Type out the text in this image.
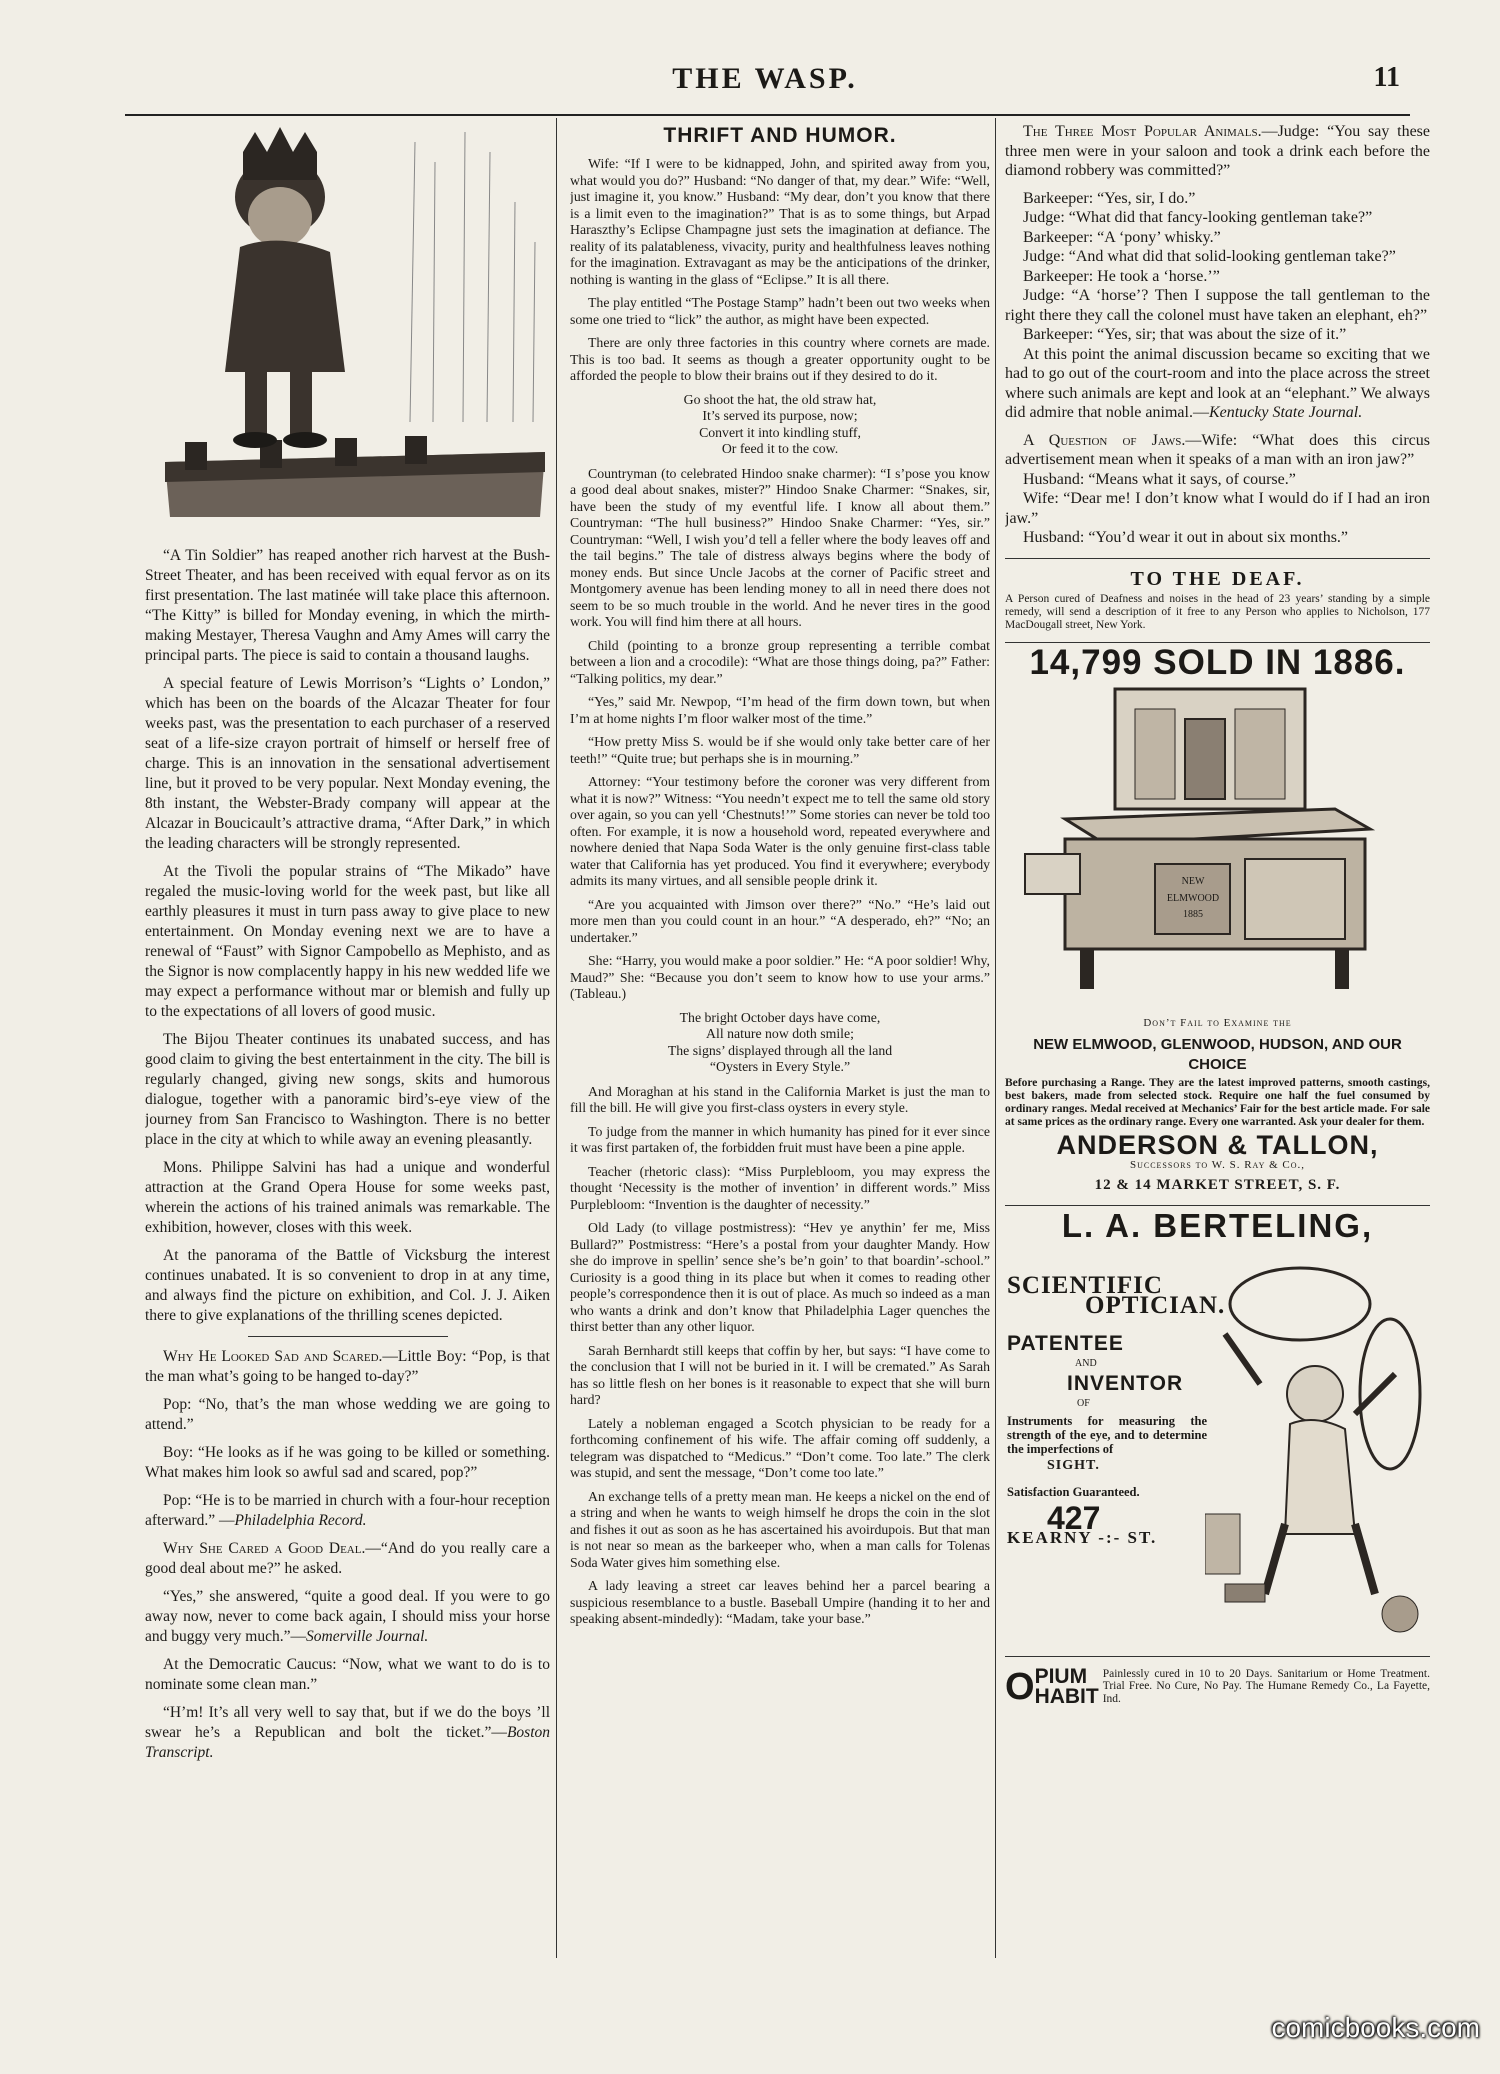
THE WASP.	11

“A Tin Soldier” has reaped another rich harvest at the Bush-Street Theater, and has been received with equal fervor as on its first presentation. The last matinée will take place this afternoon. “The Kitty” is billed for Monday evening, in which the mirth-making Mestayer, Theresa Vaughn and Amy Ames will carry the principal parts. The piece is said to contain a thousand laughs.

A special feature of Lewis Morrison’s “Lights o’ London,” which has been on the boards of the Alcazar Theater for four weeks past, was the presentation to each purchaser of a reserved seat of a life-size crayon portrait of himself or herself free of charge. This is an innovation in the sensational advertisement line, but it proved to be very popular. Next Monday evening, the 8th instant, the Webster-Brady company will appear at the Alcazar in Boucicault’s attractive drama, “After Dark,” in which the leading characters will be strongly represented.

At the Tivoli the popular strains of “The Mikado” have regaled the music-loving world for the week past, but like all earthly pleasures it must in turn pass away to give place to new entertainment. On Monday evening next we are to have a renewal of “Faust” with Signor Campobello as Mephisto, and as the Signor is now complacently happy in his new wedded life we may expect a performance without mar or blemish and fully up to the expectations of all lovers of good music.

The Bijou Theater continues its unabated success, and has good claim to giving the best entertainment in the city. The bill is regularly changed, giving new songs, skits and humorous dialogue, together with a panoramic bird’s-eye view of the journey from San Francisco to Washington. There is no better place in the city at which to while away an evening pleasantly.

Mons. Philippe Salvini has had a unique and wonderful attraction at the Grand Opera House for some weeks past, wherein the actions of his trained animals was remarkable. The exhibition, however, closes with this week.

At the panorama of the Battle of Vicksburg the interest continues unabated. It is so convenient to drop in at any time, and always find the picture on exhibition, and Col. J. J. Aiken there to give explanations of the thrilling scenes depicted.

Why He Looked Sad and Scared.—Little Boy: “Pop, is that the man what’s going to be hanged to-day?”

Pop: “No, that’s the man whose wedding we are going to attend.”

Boy: “He looks as if he was going to be killed or something. What makes him look so awful sad and scared, pop?”

Pop: “He is to be married in church with a four-hour reception afterward.” —Philadelphia Record.

Why She Cared a Good Deal.—“And do you really care a good deal about me?” he asked.

“Yes,” she answered, “quite a good deal. If you were to go away now, never to come back again, I should miss your horse and buggy very much.”—Somerville Journal.

At the Democratic Caucus: “Now, what we want to do is to nominate some clean man.”

“H’m! It’s all very well to say that, but if we do the boys ’ll swear he’s a Republican and bolt the ticket.”—Boston Transcript.

THRIFT AND HUMOR.

Wife: “If I were to be kidnapped, John, and spirited away from you, what would you do?” Husband: “No danger of that, my dear.” Wife: “Well, just imagine it, you know.” Husband: “My dear, don’t you know that there is a limit even to the imagination?” That is as to some things, but Arpad Haraszthy’s Eclipse Champagne just sets the imagination at defiance. The reality of its palatableness, vivacity, purity and healthfulness leaves nothing for the imagination. Extravagant as may be the anticipations of the drinker, nothing is wanting in the glass of “Eclipse.” It is all there.

The play entitled “The Postage Stamp” hadn’t been out two weeks when some one tried to “lick” the author, as might have been expected.

There are only three factories in this country where cornets are made. This is too bad. It seems as though a greater opportunity ought to be afforded the people to blow their brains out if they desired to do it.

Go shoot the hat, the old straw hat,
It’s served its purpose, now;
Convert it into kindling stuff,
Or feed it to the cow.

Countryman (to celebrated Hindoo snake charmer): “I s’pose you know a good deal about snakes, mister?” Hindoo Snake Charmer: “Snakes, sir, have been the study of my eventful life. I know all about them.” Countryman: “The hull business?” Hindoo Snake Charmer: “Yes, sir.” Countryman: “Well, I wish you’d tell a feller where the body leaves off and the tail begins.” The tale of distress always begins where the body of money ends. But since Uncle Jacobs at the corner of Pacific street and Montgomery avenue has been lending money to all in need there does not seem to be so much trouble in the world. And he never tires in the good work. You will find him there at all hours.

Child (pointing to a bronze group representing a terrible combat between a lion and a crocodile): “What are those things doing, pa?” Father: “Talking politics, my dear.”

“Yes,” said Mr. Newpop, “I’m head of the firm down town, but when I’m at home nights I’m floor walker most of the time.”

“How pretty Miss S. would be if she would only take better care of her teeth!” “Quite true; but perhaps she is in mourning.”

Attorney: “Your testimony before the coroner was very different from what it is now?” Witness: “You needn’t expect me to tell the same old story over again, so you can yell ‘Chestnuts!’” Some stories can never be told too often. For example, it is now a household word, repeated everywhere and nowhere denied that Napa Soda Water is the only genuine first-class table water that California has yet produced. You find it everywhere; everybody admits its many virtues, and all sensible people drink it.

“Are you acquainted with Jimson over there?” “No.” “He’s laid out more men than you could count in an hour.” “A desperado, eh?” “No; an undertaker.”

She: “Harry, you would make a poor soldier.” He: “A poor soldier! Why, Maud?” She: “Because you don’t seem to know how to use your arms.” (Tableau.)

The bright October days have come,
All nature now doth smile;
The signs’ displayed through all the land
“Oysters in Every Style.”

And Moraghan at his stand in the California Market is just the man to fill the bill. He will give you first-class oysters in every style.

To judge from the manner in which humanity has pined for it ever since it was first partaken of, the forbidden fruit must have been a pine apple.

Teacher (rhetoric class): “Miss Purplebloom, you may express the thought ‘Necessity is the mother of invention’ in different words.” Miss Purplebloom: “Invention is the daughter of necessity.”

Old Lady (to village postmistress): “Hev ye anythin’ fer me, Miss Bullard?” Postmistress: “Here’s a postal from your daughter Mandy. How she do improve in spellin’ sence she’s be’n goin’ to that boardin’-school.” Curiosity is a good thing in its place but when it comes to reading other people’s correspondence then it is out of place. As much so indeed as a man who wants a drink and don’t know that Philadelphia Lager quenches the thirst better than any other liquor.

Sarah Bernhardt still keeps that coffin by her, but says: “I have come to the conclusion that I will not be buried in it. I will be cremated.” As Sarah has so little flesh on her bones is it reasonable to expect that she will burn hard?

Lately a nobleman engaged a Scotch physician to be ready for a forthcoming confinement of his wife. The affair coming off suddenly, a telegram was dispatched to “Medicus.” “Don’t come. Too late.” The clerk was stupid, and sent the message, “Don’t come too late.”

An exchange tells of a pretty mean man. He keeps a nickel on the end of a string and when he wants to weigh himself he drops the coin in the slot and fishes it out as soon as he has ascertained his avoirdupois. But that man is not near so mean as the barkeeper who, when a man calls for Tolenas Soda Water gives him something else.

A lady leaving a street car leaves behind her a parcel bearing a suspicious resemblance to a bustle. Baseball Umpire (handing it to her and speaking absent-mindedly): “Madam, take your base.”

The Three Most Popular Animals.—Judge: “You say these three men were in your saloon and took a drink each before the diamond robbery was committed?”

Barkeeper: “Yes, sir, I do.”

Judge: “What did that fancy-looking gentleman take?”

Barkeeper: “A ‘pony’ whisky.”

Judge: “And what did that solid-looking gentleman take?”

Barkeeper: He took a ‘horse.’”

Judge: “A ‘horse’? Then I suppose the tall gentleman to the right there they call the colonel must have taken an elephant, eh?”

Barkeeper: “Yes, sir; that was about the size of it.”

At this point the animal discussion became so exciting that we had to go out of the court-room and into the place across the street where such animals are kept and look at an “elephant.” We always did admire that noble animal.—Kentucky State Journal.

A Question of Jaws.—Wife: “What does this circus advertisement mean when it speaks of a man with an iron jaw?”

Husband: “Means what it says, of course.”

Wife: “Dear me! I don’t know what I would do if I had an iron jaw.”

Husband: “You’d wear it out in about six months.”

TO THE DEAF.
A Person cured of Deafness and noises in the head of 23 years’ standing by a simple remedy, will send a description of it free to any Person who applies to Nicholson, 177 MacDougall street, New York.
14,799 SOLD IN 1886.
NEW
ELMWOOD
1885
Don’t Fail to Examine the
NEW ELMWOOD, GLENWOOD, HUDSON, AND OUR CHOICE
Before purchasing a Range. They are the latest improved patterns, smooth castings, best bakers, made from selected stock. Require one half the fuel consumed by ordinary ranges. Medal received at Mechanics’ Fair for the best article made. For sale at same prices as the ordinary range. Every one warranted. Ask your dealer for them.
ANDERSON & TALLON,
Successors to W. S. Ray & Co.,
12 & 14 MARKET STREET, S. F.
L. A. BERTELING,
SCIENTIFIC
OPTICIAN.
PATENTEE
AND
INVENTOR
OF
Instruments for measuring the strength of the eye, and to determine the imperfections of
SIGHT.
Satisfaction Guaranteed.
427
KEARNY -:- ST.
O PIUM HABIT
Painlessly cured in 10 to 20 Days. Sanitarium or Home Treatment. Trial Free. No Cure, No Pay. The Humane Remedy Co., La Fayette, Ind.
comicbooks.com
